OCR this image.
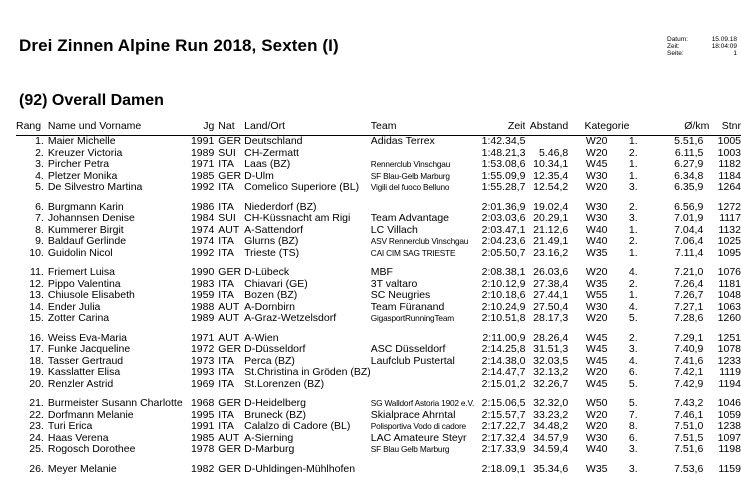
Drei Zinnen Alpine Run 2018, Sexten (I)	Datum:	15.09.18
Zeit:	18:04:09
Seite:	1
(92) Overall Damen
Rang	Name und Vorname	Jg	Nat	Land/Ort	Team	Zeit	Abstand	Kategorie		Ø/km	Stnr
1.	Maier Michelle	1991	GER	Deutschland	Adidas Terrex	1:42.34,5		W20	1.	5.51,6	1005
2.	Kreuzer Victoria	1989	SUI	CH-Zermatt		1:48.21,3	5.46,8	W20	2.	6.11,5	1003
3.	Pircher Petra	1971	ITA	Laas (BZ)	Rennerclub Vinschgau	1:53.08,6	10.34,1	W45	1.	6.27,9	1182
4.	Pletzer Monika	1985	GER	D-Ulm	SF Blau-Gelb Marburg	1:55.09,9	12.35,4	W30	1.	6.34,8	1184
5.	De Silvestro Martina	1992	ITA	Comelico Superiore (BL)	Vigili del fuoco Belluno	1:55.28,7	12.54,2	W20	3.	6.35,9	1264

6.	Burgmann Karin	1986	ITA	Niederdorf (BZ)		2:01.36,9	19.02,4	W30	2.	6.56,9	1272
7.	Johannsen Denise	1984	SUI	CH-Küssnacht am Rigi	Team Advantage	2:03.03,6	20.29,1	W30	3.	7.01,9	1117
8.	Kummerer Birgit	1974	AUT	A-Sattendorf	LC Villach	2:03.47,1	21.12,6	W40	1.	7.04,4	1132
9.	Baldauf Gerlinde	1974	ITA	Glurns (BZ)	ASV Rennerclub Vinschgau	2:04.23,6	21.49,1	W40	2.	7.06,4	1025
10.	Guidolin Nicol	1992	ITA	Trieste (TS)	CAI CIM SAG TRIESTE	2:05.50,7	23.16,2	W35	1.	7.11,4	1095

11.	Friemert Luisa	1990	GER	D-Lübeck	MBF	2:08.38,1	26.03,6	W20	4.	7.21,0	1076
12.	Pippo Valentina	1983	ITA	Chiavari (GE)	3T valtaro	2:10.12,9	27.38,4	W35	2.	7.26,4	1181
13.	Chiusole Elisabeth	1959	ITA	Bozen (BZ)	SC Neugries	2:10.18,6	27.44,1	W55	1.	7.26,7	1048
14.	Ender Julia	1988	AUT	A-Dornbirn	Team Füranand	2:10.24,9	27.50,4	W30	4.	7.27,1	1063
15.	Zotter Carina	1989	AUT	A-Graz-Wetzelsdorf	GigasportRunningTeam	2:10.51,8	28.17,3	W20	5.	7.28,6	1260

16.	Weiss Eva-Maria	1971	AUT	A-Wien		2:11.00,9	28.26,4	W45	2.	7.29,1	1251
17.	Funke Jacqueline	1972	GER	D-Düsseldorf	ASC Düsseldorf	2:14.25,8	31.51,3	W45	3.	7.40,9	1078
18.	Tasser Gertraud	1973	ITA	Perca (BZ)	Laufclub Pustertal	2:14.38,0	32.03,5	W45	4.	7.41,6	1233
19.	Kasslatter Elisa	1993	ITA	St.Christina in Gröden (BZ)		2:14.47,7	32.13,2	W20	6.	7.42,1	1119
20.	Renzler Astrid	1969	ITA	St.Lorenzen (BZ)		2:15.01,2	32.26,7	W45	5.	7.42,9	1194

21.	Burmeister Susann Charlotte	1968	GER	D-Heidelberg	SG Walldorf Astoria 1902 e.V.	2:15.06,5	32.32,0	W50	5.	7.43,2	1046
22.	Dorfmann Melanie	1995	ITA	Bruneck (BZ)	Skialprace Ahrntal	2:15.57,7	33.23,2	W20	7.	7.46,1	1059
23.	Turi Erica	1991	ITA	Calalzo di Cadore (BL)	Polisportiva Vodo di cadore	2:17.22,7	34.48,2	W20	8.	7.51,0	1238
24.	Haas Verena	1985	AUT	A-Sierning	LAC Amateure Steyr	2:17.32,4	34.57,9	W30	6.	7.51,5	1097
25.	Rogosch Dorothee	1978	GER	D-Marburg	SF Blau Gelb Marburg	2:17.33,9	34.59,4	W40	3.	7.51,6	1198

26.	Meyer Melanie	1982	GER	D-Uhldingen-Mühlhofen		2:18.09,1	35.34,6	W35	3.	7.53,6	1159
